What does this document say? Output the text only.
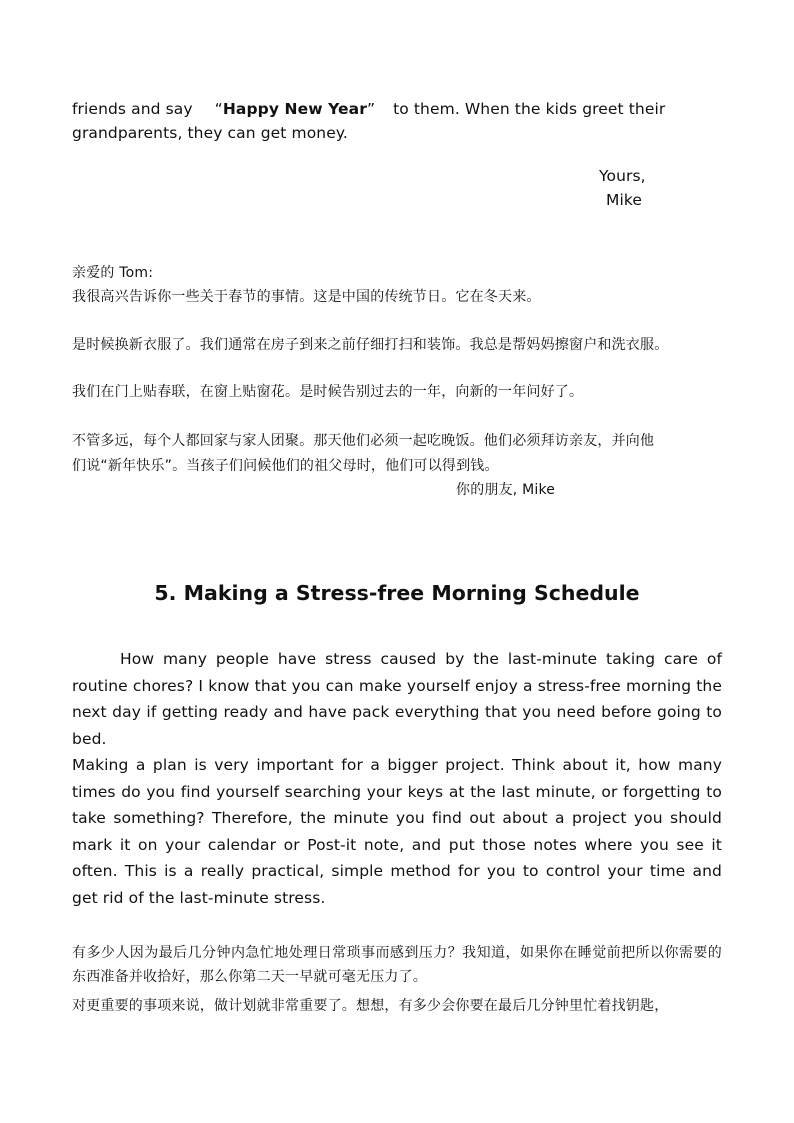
friends and say “Happy New Year” to them. When the kids greet their
grandparents, they can get money.
Yours,
Mike
亲爱的 Tom:
我很高兴告诉你一些关于春节的事情。这是中国的传统节日。它在冬天来。
是时候换新衣服了。我们通常在房子到来之前仔细打扫和装饰。我总是帮妈妈擦窗户和洗衣服。
我们在门上贴春联，在窗上贴窗花。是时候告别过去的一年，向新的一年问好了。
不管多远，每个人都回家与家人团聚。那天他们必须一起吃晚饭。他们必须拜访亲友，并向他
们说“新年快乐”。当孩子们问候他们的祖父母时，他们可以得到钱。
你的朋友, Mike
5. Making a Stress-free Morning Schedule
How many people have stress caused by the last-minute taking care of routine chores? I know that you can make yourself enjoy a stress-free morning the next day if getting ready and have pack everything that you need before going to bed.
Making a plan is very important for a bigger project. Think about it, how many times do you find yourself searching your keys at the last minute, or forgetting to take something? Therefore, the minute you find out about a project you should mark it on your calendar or Post-it note, and put those notes where you see it often. This is a really practical, simple method for you to control your time and get rid of the last-minute stress.
有多少人因为最后几分钟内急忙地处理日常琐事而感到压力？我知道，如果你在睡觉前把所以你需要的东西准备并收拾好，那么你第二天一早就可毫无压力了。
对更重要的事项来说，做计划就非常重要了。想想，有多少会你要在最后几分钟里忙着找钥匙，
